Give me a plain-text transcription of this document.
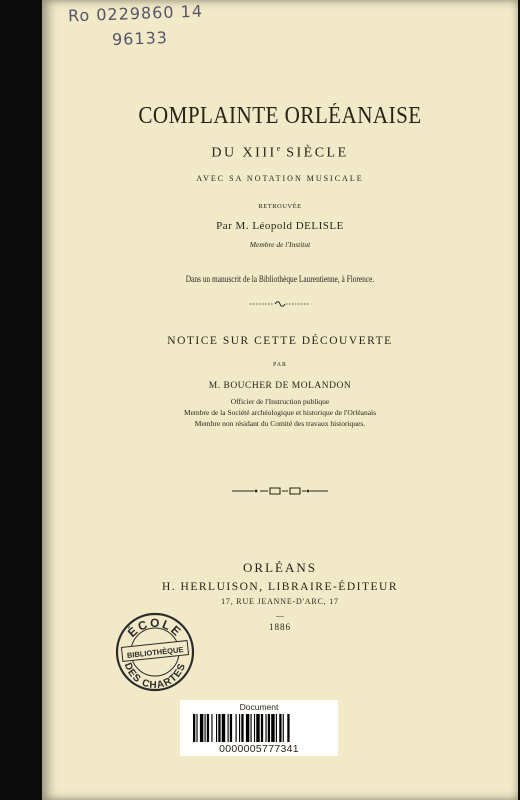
Ro 0229860 14
96133
COMPLAINTE ORLÉANAISE
DU XIIIe SIÈCLE
AVEC SA NOTATION MUSICALE
RETROUVÉE
Par M. Léopold DELISLE
Membre de l'Institut
Dans un manuscrit de la Bibliothèque Laurentienne, à Florence.
NOTICE SUR CETTE DÉCOUVERTE
PAR
M. BOUCHER DE MOLANDON
Officier de l'Instruction publique
Membre de la Société archéologique et historique de l'Orléanais
Membre non résidant du Comité des travaux historiques.
ORLÉANS
H. HERLUISON, LIBRAIRE-ÉDITEUR
17, RUE JEANNE-D'ARC, 17
—
1886
ÉCOLE
BIBLIOTHÈQUE
DES CHARTES
Document
0000005777341
